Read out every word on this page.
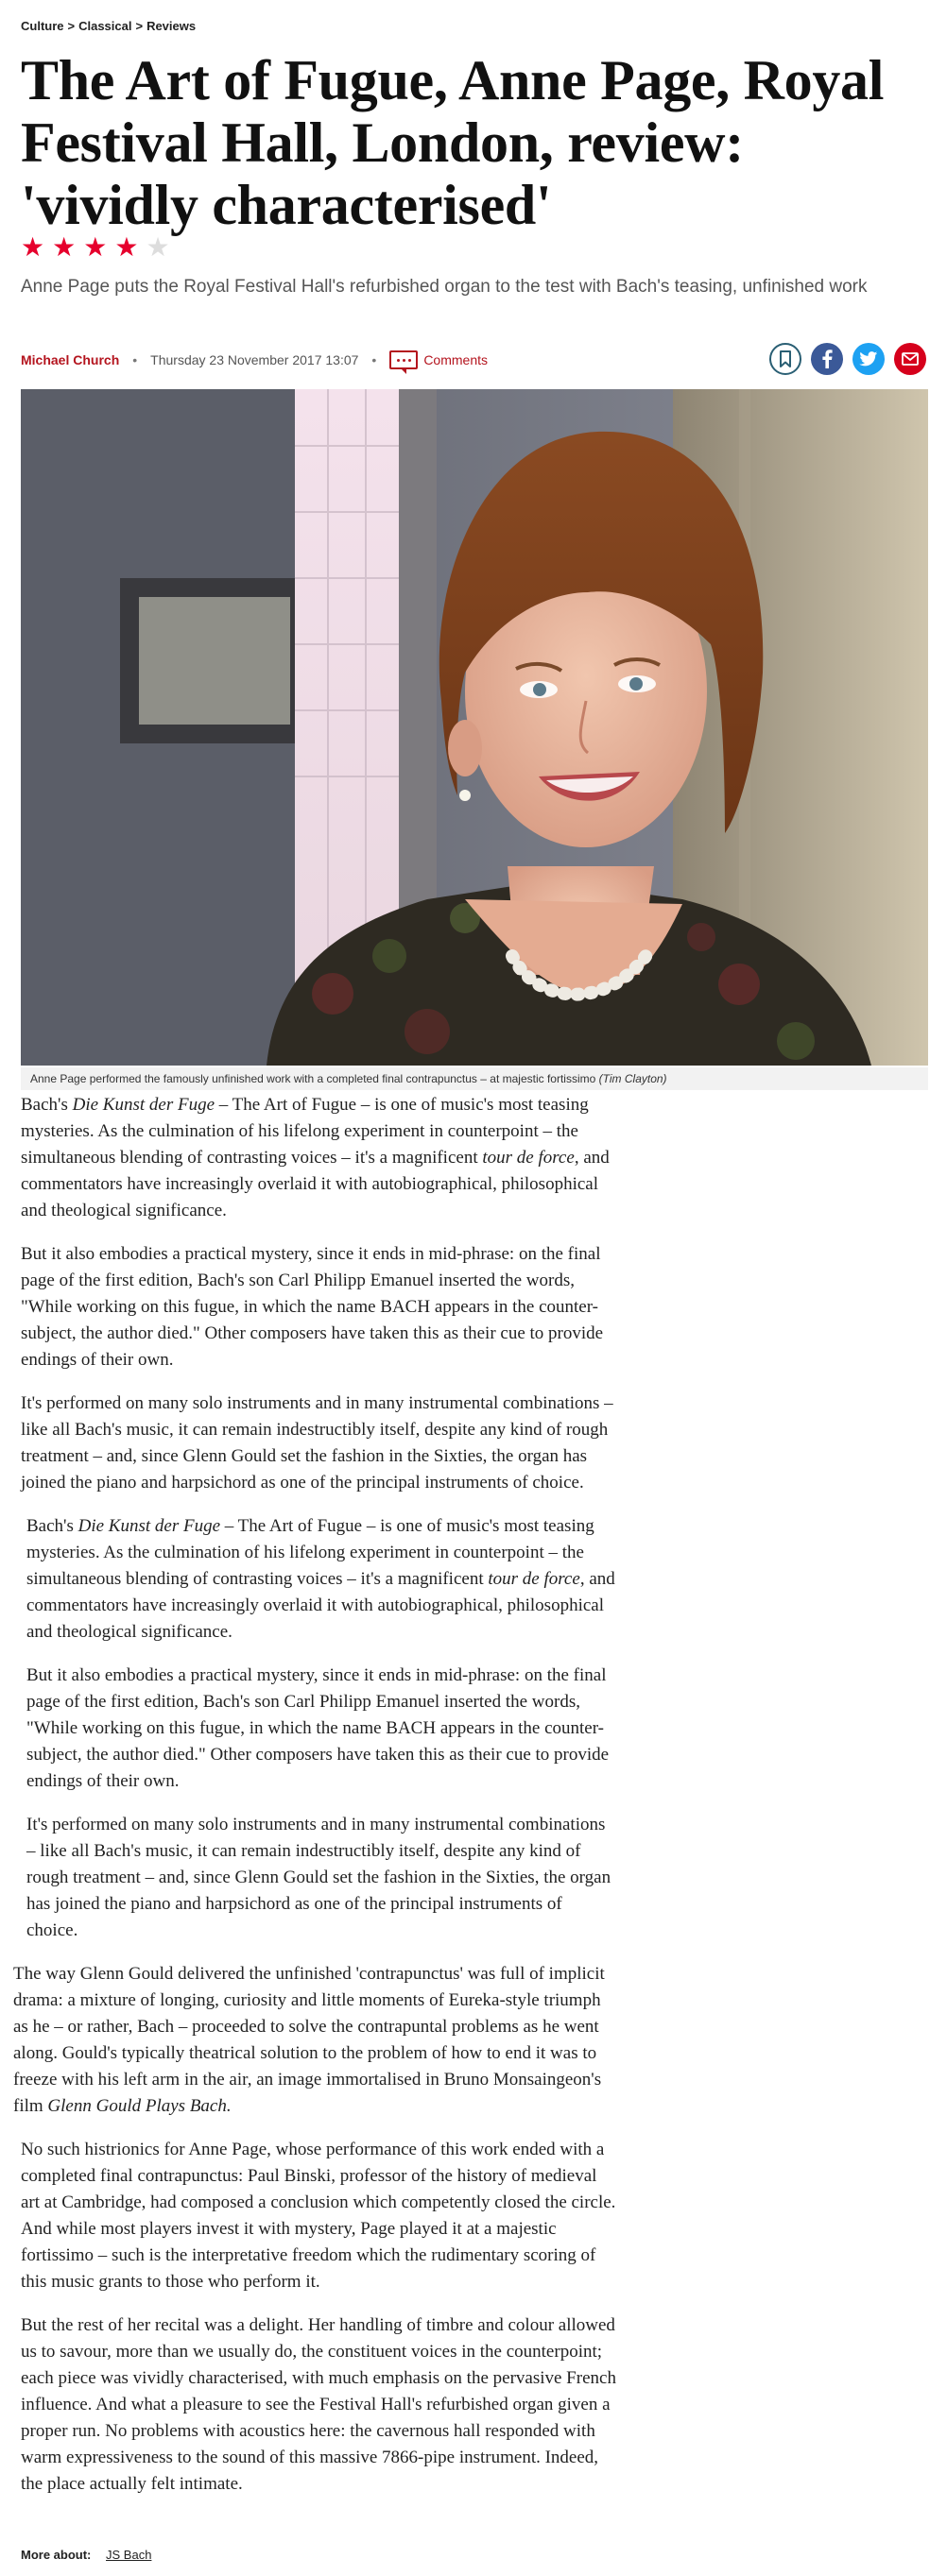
Culture > Classical > Reviews
The Art of Fugue, Anne Page, Royal Festival Hall, London, review: 'vividly characterised'
★ ★ ★ ★ ★

Anne Page puts the Royal Festival Hall's refurbished organ to the test with Bach's teasing, unfinished work

Michael Church • Thursday 23 November 2017 13:07 •	Comments
Anne Page performed the famously unfinished work with a completed final contrapunctus – at majestic fortissimo (Tim Clayton)

Bach's Die Kunst der Fuge – The Art of Fugue – is one of music's most teasing mysteries. As the culmination of his lifelong experiment in counterpoint – the simultaneous blending of contrasting voices – it's a magnificent tour de force, and commentators have increasingly overlaid it with autobiographical, philosophical and theological significance.

But it also embodies a practical mystery, since it ends in mid-phrase: on the final page of the first edition, Bach's son Carl Philipp Emanuel inserted the words, "While working on this fugue, in which the name BACH appears in the counter-subject, the author died." Other composers have taken this as their cue to provide endings of their own.

It's performed on many solo instruments and in many instrumental combinations – like all Bach's music, it can remain indestructibly itself, despite any kind of rough treatment – and, since Glenn Gould set the fashion in the Sixties, the organ has joined the piano and harpsichord as one of the principal instruments of choice.

Bach's Die Kunst der Fuge – The Art of Fugue – is one of music's most teasing mysteries. As the culmination of his lifelong experiment in counterpoint – the simultaneous blending of contrasting voices – it's a magnificent tour de force, and commentators have increasingly overlaid it with autobiographical, philosophical and theological significance.

But it also embodies a practical mystery, since it ends in mid-phrase: on the final page of the first edition, Bach's son Carl Philipp Emanuel inserted the words, "While working on this fugue, in which the name BACH appears in the counter-subject, the author died." Other composers have taken this as their cue to provide endings of their own.

It's performed on many solo instruments and in many instrumental combinations – like all Bach's music, it can remain indestructibly itself, despite any kind of rough treatment – and, since Glenn Gould set the fashion in the Sixties, the organ has joined the piano and harpsichord as one of the principal instruments of choice.

The way Glenn Gould delivered the unfinished 'contrapunctus' was full of implicit drama: a mixture of longing, curiosity and little moments of Eureka-style triumph as he – or rather, Bach – proceeded to solve the contrapuntal problems as he went along. Gould's typically theatrical solution to the problem of how to end it was to freeze with his left arm in the air, an image immortalised in Bruno Monsaingeon's film Glenn Gould Plays Bach.

No such histrionics for Anne Page, whose performance of this work ended with a completed final contrapunctus: Paul Binski, professor of the history of medieval art at Cambridge, had composed a conclusion which competently closed the circle. And while most players invest it with mystery, Page played it at a majestic fortissimo – such is the interpretative freedom which the rudimentary scoring of this music grants to those who perform it.

But the rest of her recital was a delight. Her handling of timbre and colour allowed us to savour, more than we usually do, the constituent voices in the counterpoint; each piece was vividly characterised, with much emphasis on the pervasive French influence. And what a pleasure to see the Festival Hall's refurbished organ given a proper run. No problems with acoustics here: the cavernous hall responded with warm expressiveness to the sound of this massive 7866-pipe instrument. Indeed, the place actually felt intimate.

More about: JS Bach
